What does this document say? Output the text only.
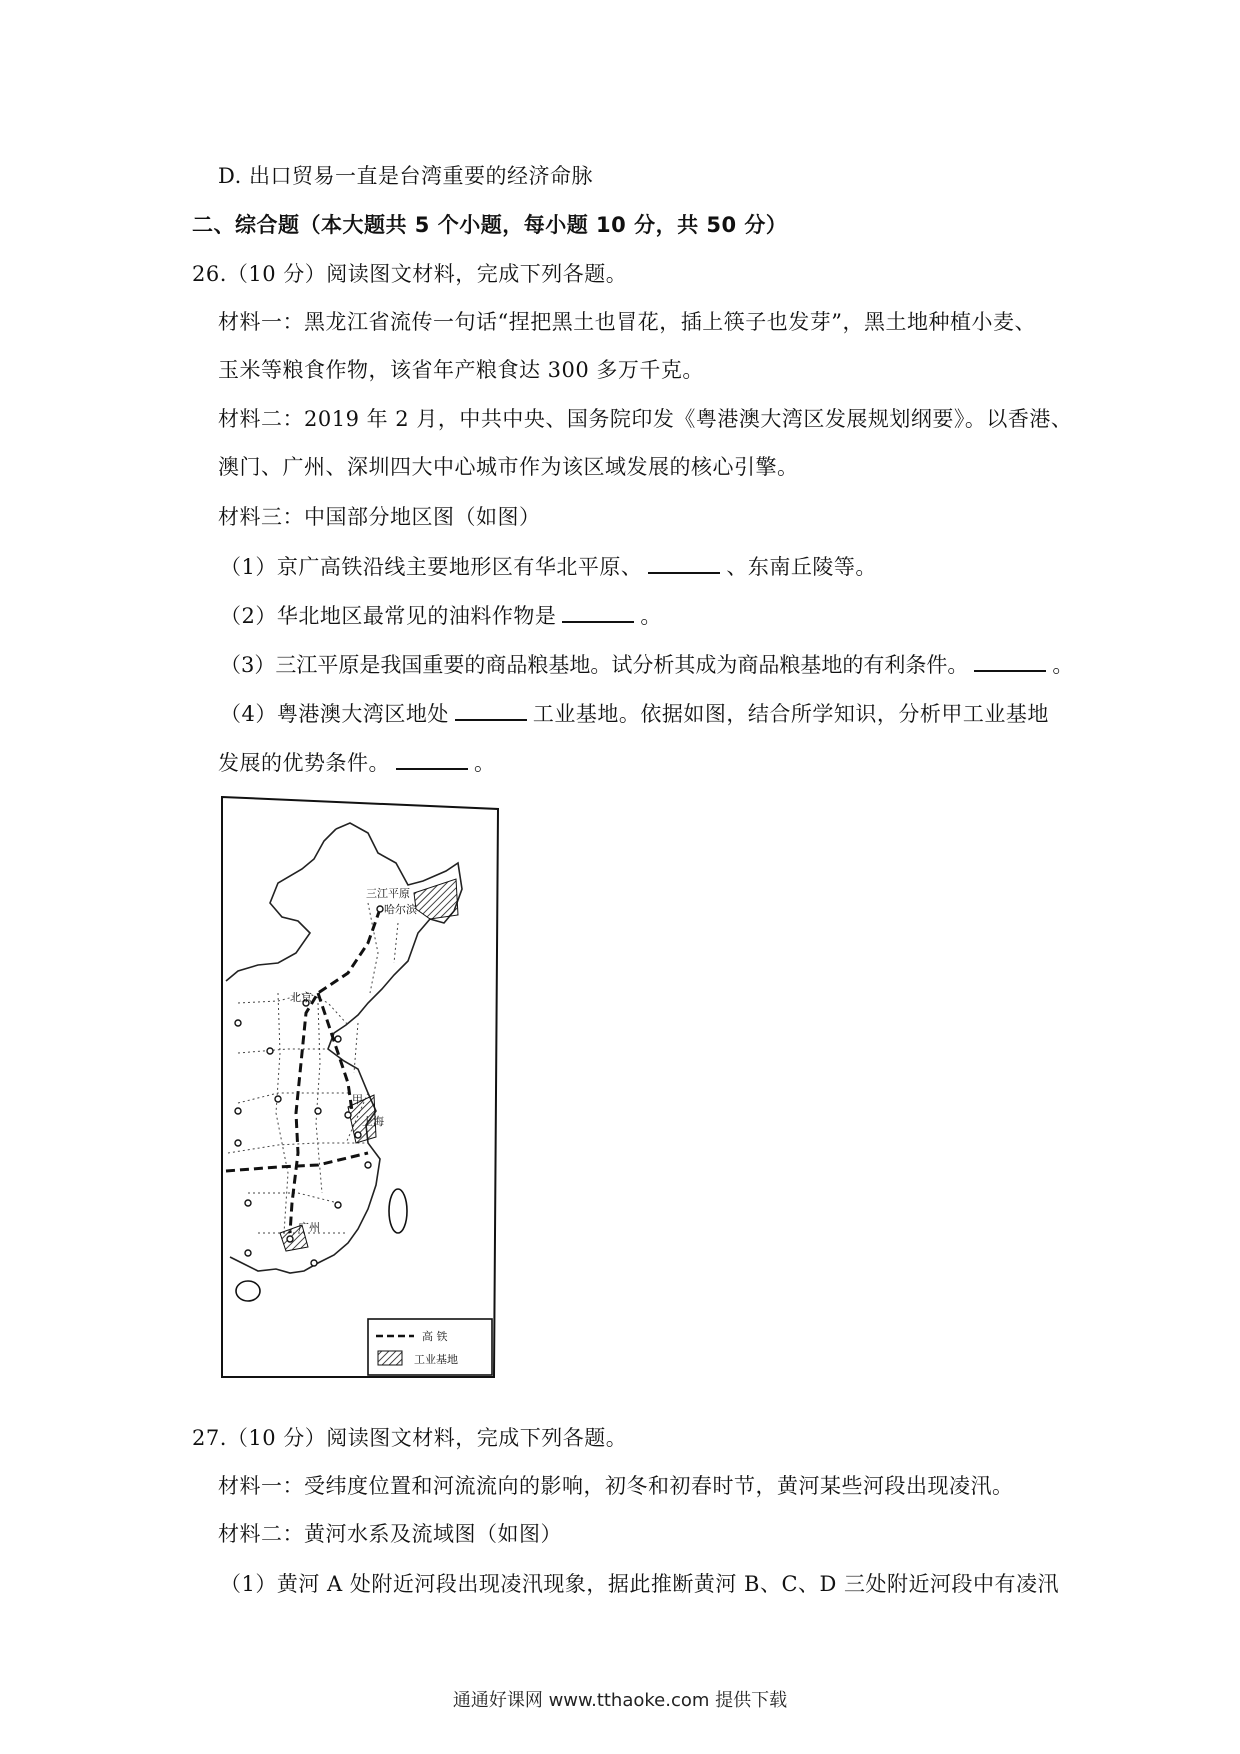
D. 出口贸易一直是台湾重要的经济命脉
二、综合题（本大题共 5 个小题，每小题 10 分，共 50 分）
26.（10 分）阅读图文材料，完成下列各题。
材料一：黑龙江省流传一句话“捏把黑土也冒花，插上筷子也发芽”，黑土地种植小麦、
玉米等粮食作物，该省年产粮食达 300 多万千克。
材料二：2019 年 2 月，中共中央、国务院印发《粤港澳大湾区发展规划纲要》。以香港、
澳门、广州、深圳四大中心城市作为该区域发展的核心引擎。
材料三：中国部分地区图（如图）
（1）京广高铁沿线主要地形区有华北平原、	、东南丘陵等。
（2）华北地区最常见的油料作物是	。
（3）三江平原是我国重要的商品粮基地。试分析其成为商品粮基地的有利条件。	。
（4）粤港澳大湾区地处	工业基地。依据如图，结合所学知识，分析甲工业基地
发展的优势条件。	。
三江平原
哈尔滨
北京
甲
上海
广州
高 铁
工业基地
27.（10 分）阅读图文材料，完成下列各题。
材料一：受纬度位置和河流流向的影响，初冬和初春时节，黄河某些河段出现凌汛。
材料二：黄河水系及流域图（如图）
（1）黄河 A 处附近河段出现凌汛现象，据此推断黄河 B、C、D 三处附近河段中有凌汛
通通好课网 www.tthaoke.com 提供下载
